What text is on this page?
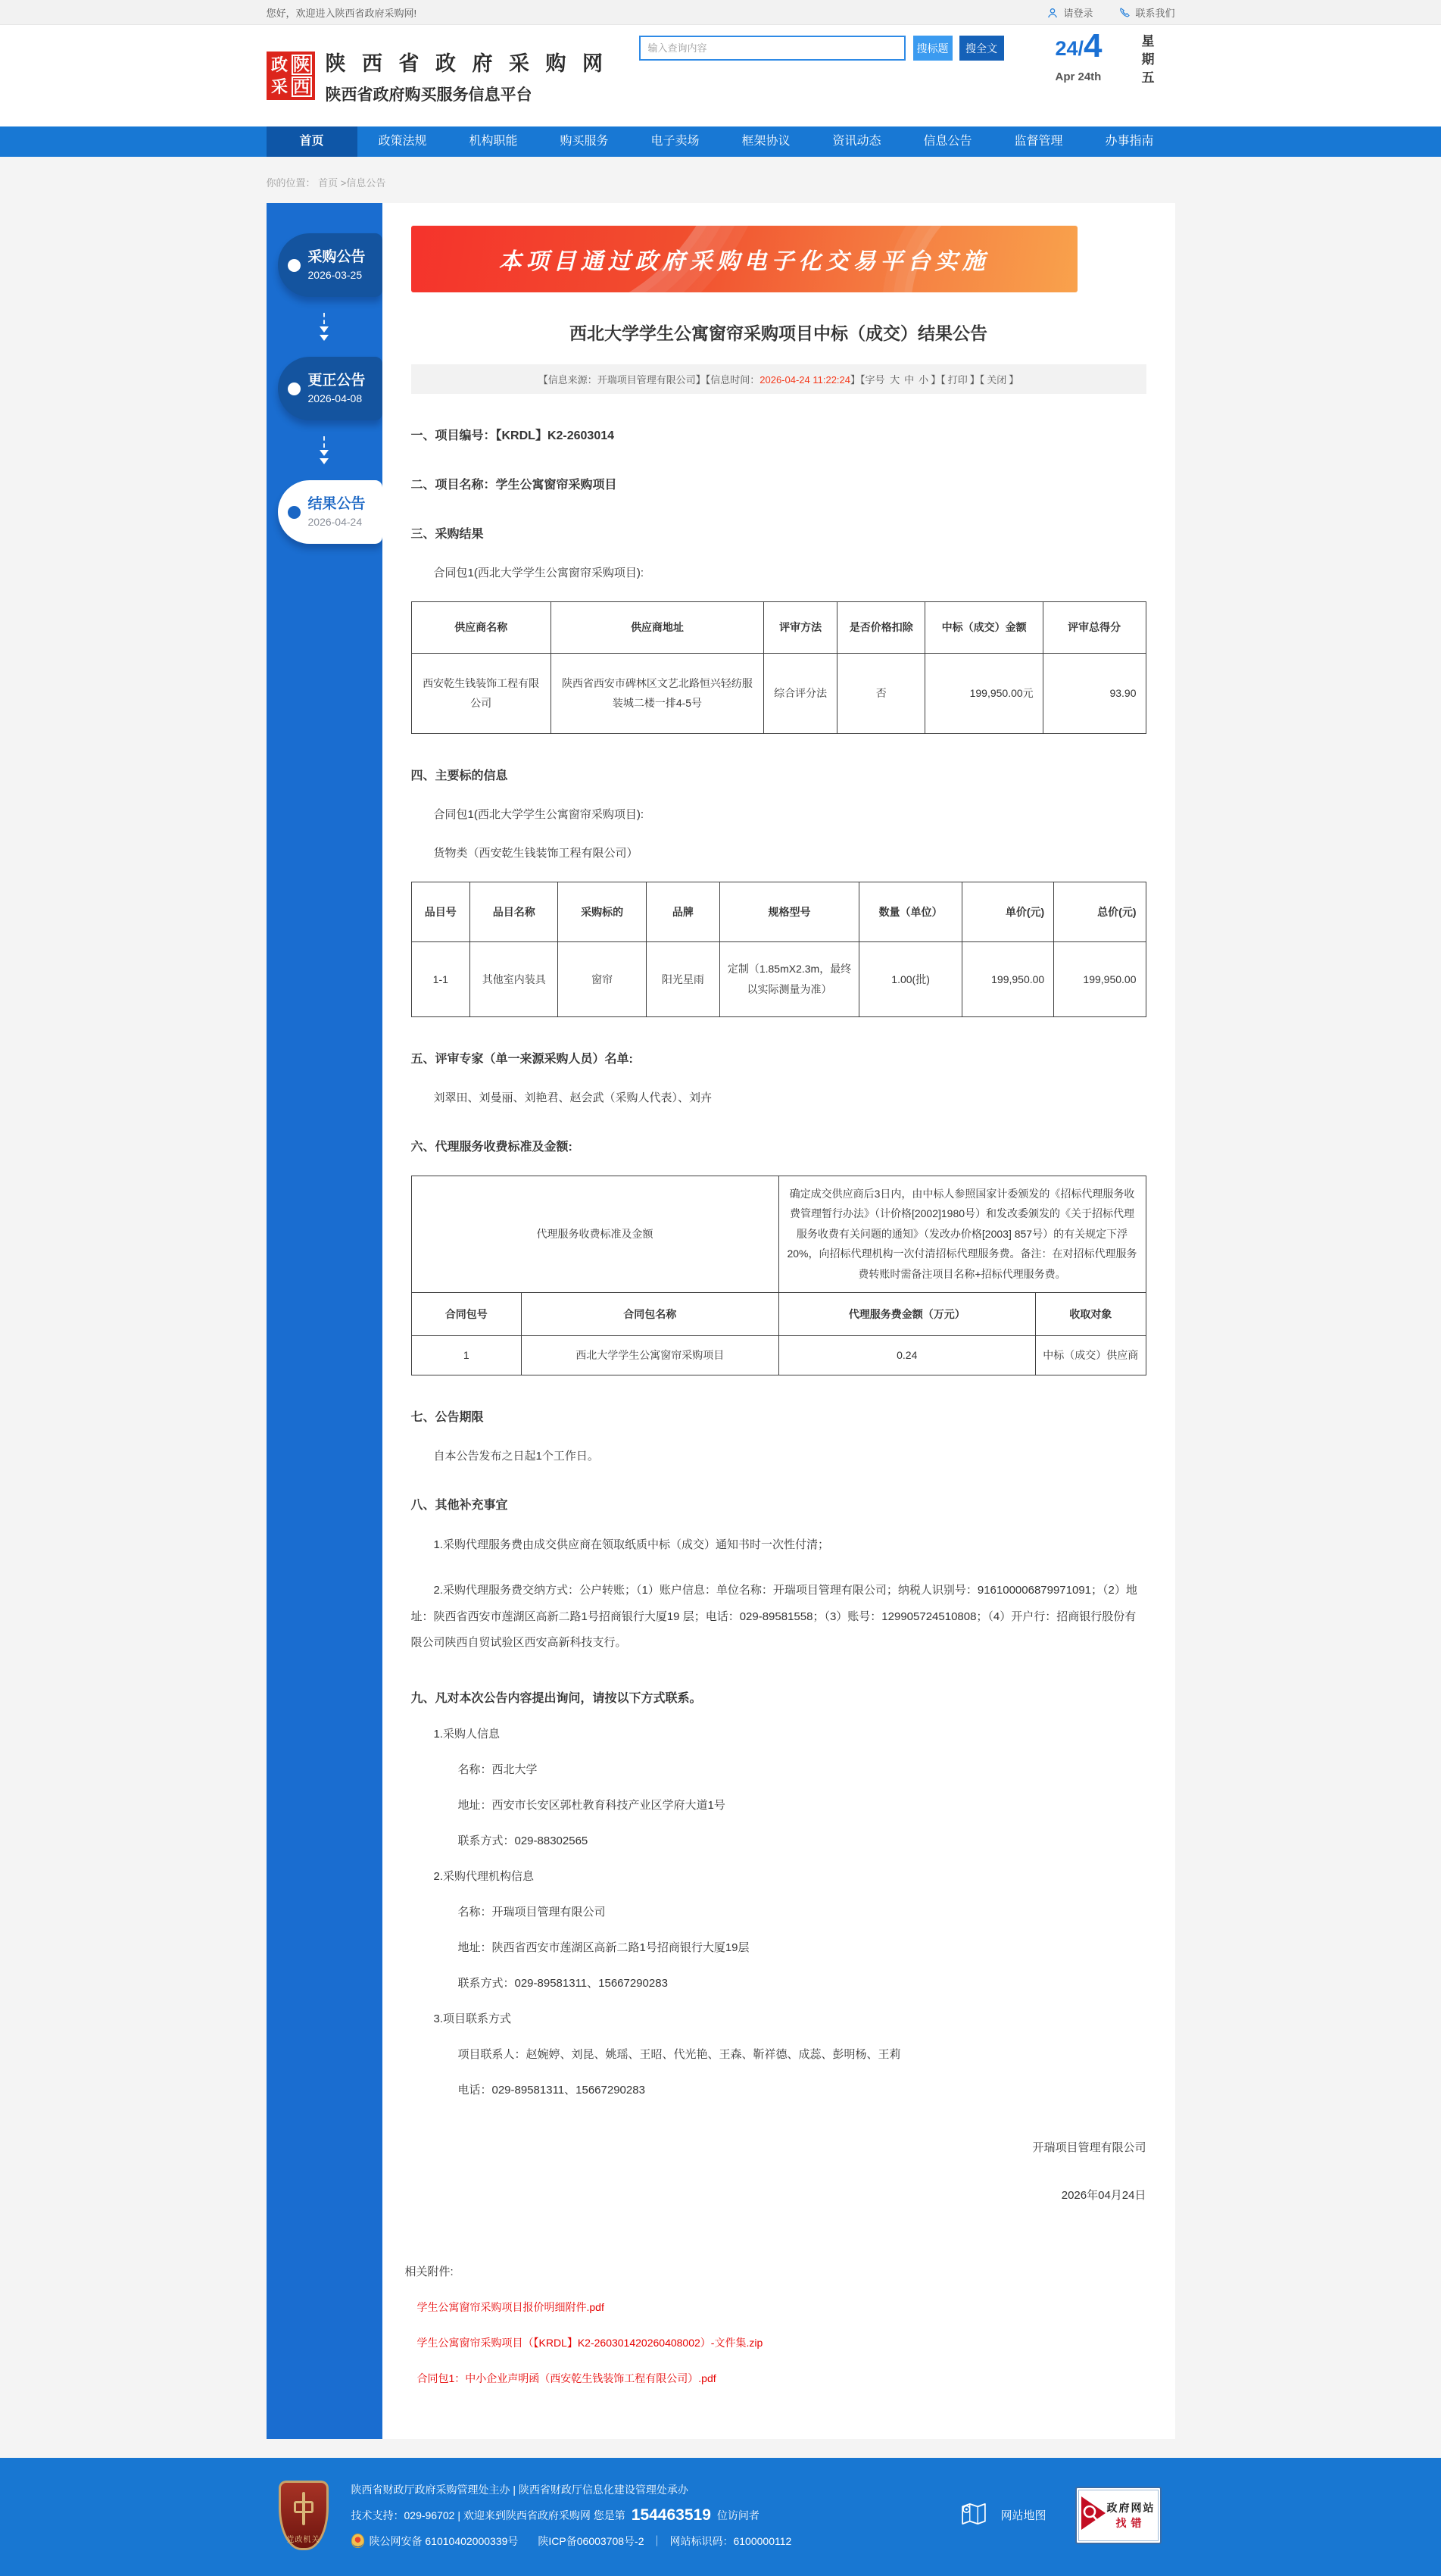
您好，欢迎进入陕西省政府采购网!	请登录	联系我们
政 陕
采 西
陕 西 省 政 府 采 购 网
陕西省政府购买服务信息平台
输入查询内容
搜标题	搜全文	24/ 4
Apr 24th
星期五
首页	政策法规	机构职能	购买服务	电子卖场	框架协议	资讯动态	信息公告	监督管理	办事指南
你的位置： 首页 >信息公告
采购公告
2026-03-25
更正公告
2026-04-08
结果公告
2026-04-24
本项目通过政府采购电子化交易平台实施
西北大学学生公寓窗帘采购项目中标（成交）结果公告
【信息来源：开瑞项目管理有限公司】【信息时间：2026-04-24 11:22:24】【字号 大 中 小 】【 打印 】【 关闭 】
一、项目编号：【KRDL】K2-2603014
二、项目名称：学生公寓窗帘采购项目
三、采购结果
合同包1(西北大学学生公寓窗帘采购项目):
供应商名称	供应商地址	评审方法	是否价格扣除	中标（成交）金额	评审总得分
西安乾生钱装饰工程有限公司	陕西省西安市碑林区文艺北路恒兴轻纺服装城二楼一排4-5号	综合评分法	否	199,950.00元	93.90
四、主要标的信息
合同包1(西北大学学生公寓窗帘采购项目):
货物类（西安乾生钱装饰工程有限公司）
品目号	品目名称	采购标的	品牌	规格型号	数量（单位）	单价(元)	总价(元)
1-1	其他室内装具	窗帘	阳光星雨	定制（1.85mX2.3m，最终以实际测量为准）	1.00(批)	199,950.00	199,950.00
五、评审专家（单一来源采购人员）名单:
刘翠田、刘曼丽、刘艳君、赵会武（采购人代表）、刘卉
六、代理服务收费标准及金额:
代理服务收费标准及金额		确定成交供应商后3日内，由中标人参照国家计委颁发的《招标代理服务收费管理暂行办法》（计价格[2002]1980号）和发改委颁发的《关于招标代理服务收费有关问题的通知》（发改办价格[2003] 857号）的有关规定下浮20%，向招标代理机构一次付清招标代理服务费。备注：在对招标代理服务费转账时需备注项目名称+招标代理服务费。	
合同包号	合同包名称	代理服务费金额（万元）	收取对象
1	西北大学学生公寓窗帘采购项目	0.24	中标（成交）供应商
七、公告期限
自本公告发布之日起1个工作日。
八、其他补充事宜
1.采购代理服务费由成交供应商在领取纸质中标（成交）通知书时一次性付清；
2.采购代理服务费交纳方式：公户转账；（1）账户信息：单位名称：开瑞项目管理有限公司；纳税人识别号：916100006879971091；（2）地址：陕西省西安市莲湖区高新二路1号招商银行大厦19 层；电话：029-89581558；（3）账号：129905724510808；（4）开户行：招商银行股份有限公司陕西自贸试验区西安高新科技支行。
九、凡对本次公告内容提出询问，请按以下方式联系。
1.采购人信息
名称：西北大学
地址：西安市长安区郭杜教育科技产业区学府大道1号
联系方式：029-88302565
2.采购代理机构信息
名称：开瑞项目管理有限公司
地址：陕西省西安市莲湖区高新二路1号招商银行大厦19层
联系方式：029-89581311、15667290283
3.项目联系方式
项目联系人：赵婉婷、刘昆、姚瑶、王昭、代光艳、王森、靳祥德、成蕊、彭明杨、王莉
电话：029-89581311、15667290283
开瑞项目管理有限公司
2026年04月24日
相关附件:
学生公寓窗帘采购项目报价明细附件.pdf
学生公寓窗帘采购项目（【KRDL】K2-260301420260408002）-文件集.zip
合同包1：中小企业声明函（西安乾生钱装饰工程有限公司）.pdf
党政机关
陕西省财政厅政府采购管理处主办 | 陕西省财政厅信息化建设管理处承办
技术支持：029-96702 | 欢迎来到陕西省政府采购网 您是第 154463519 位访问者
陕公网安备 61010402000339号 陕ICP备06003708号-2 ｜ 网站标识码：6100000112
网站地图
政府网站 找错
